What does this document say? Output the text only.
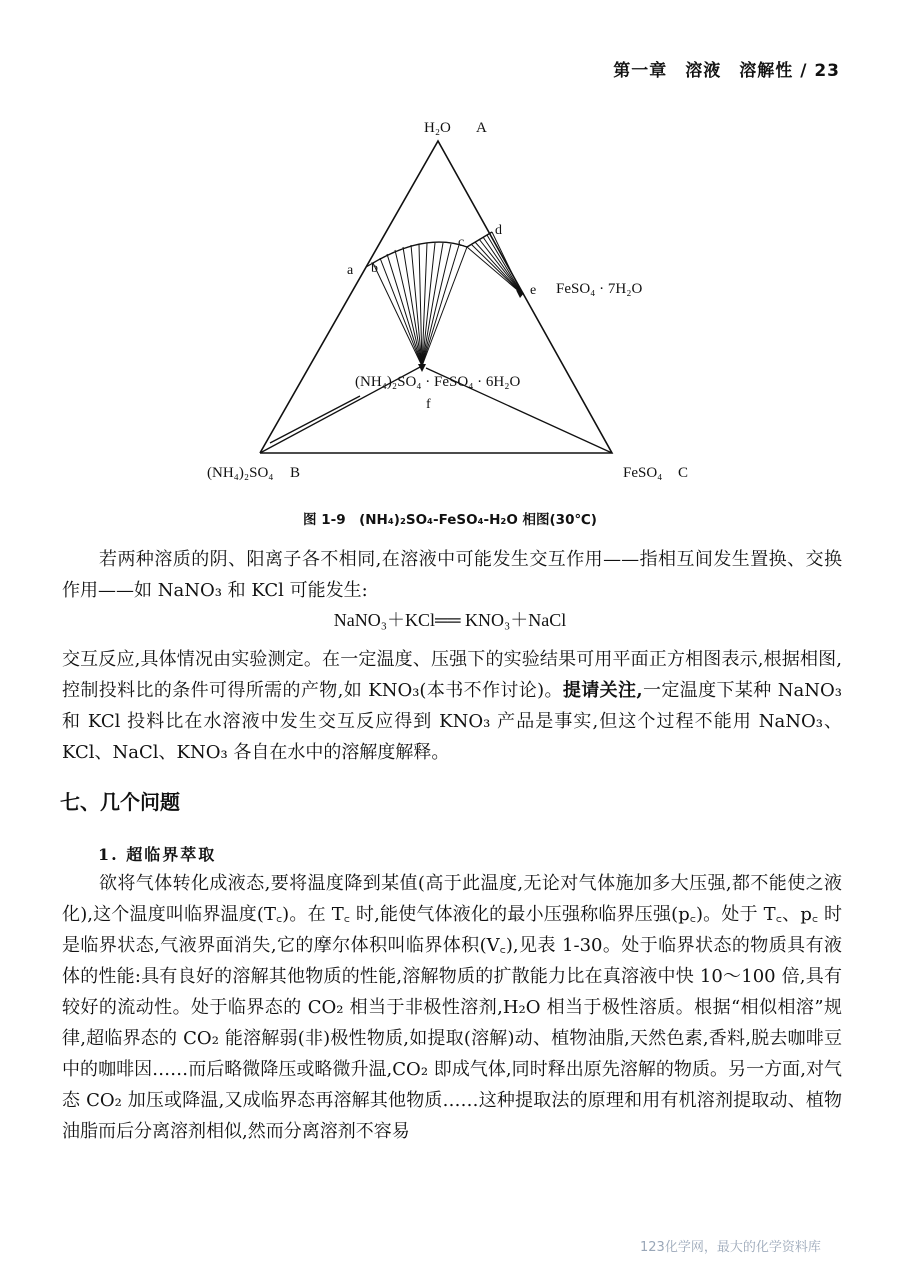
第一章　溶液　溶解性 / 23
H₂O A
a b
c
d
e FeSO₄ · 7H₂O
(NH₄)₂SO₄ · FeSO₄ · 6H₂O
f
(NH₄)₂SO₄ B	FeSO₄ C
图 1-9　(NH₄)₂SO₄-FeSO₄-H₂O 相图(30℃)
若两种溶质的阴、阳离子各不相同,在溶液中可能发生交互作用——指相互间发生置换、交换作用——如 NaNO₃ 和 KCl 可能发生:
NaNO₃＋KCl══ KNO₃＋NaCl
交互反应,具体情况由实验测定。在一定温度、压强下的实验结果可用平面正方相图表示,根据相图,控制投料比的条件可得所需的产物,如 KNO₃(本书不作讨论)。提请关注,一定温度下某种 NaNO₃ 和 KCl 投料比在水溶液中发生交互反应得到 KNO₃ 产品是事实,但这个过程不能用 NaNO₃、KCl、NaCl、KNO₃ 各自在水中的溶解度解释。
七、几个问题
1. 超临界萃取
欲将气体转化成液态,要将温度降到某值(高于此温度,无论对气体施加多大压强,都不能使之液化),这个温度叫临界温度(T꜀)。在 T꜀ 时,能使气体液化的最小压强称临界压强(p꜀)。处于 T꜀、p꜀ 时是临界状态,气液界面消失,它的摩尔体积叫临界体积(V꜀),见表 1-30。处于临界状态的物质具有液体的性能:具有良好的溶解其他物质的性能,溶解物质的扩散能力比在真溶液中快 10～100 倍,具有较好的流动性。处于临界态的 CO₂ 相当于非极性溶剂,H₂O 相当于极性溶质。根据“相似相溶”规律,超临界态的 CO₂ 能溶解弱(非)极性物质,如提取(溶解)动、植物油脂,天然色素,香料,脱去咖啡豆中的咖啡因……而后略微降压或略微升温,CO₂ 即成气体,同时释出原先溶解的物质。另一方面,对气态 CO₂ 加压或降温,又成临界态再溶解其他物质……这种提取法的原理和用有机溶剂提取动、植物油脂而后分离溶剂相似,然而分离溶剂不容易
123化学网，最大的化学资料库
